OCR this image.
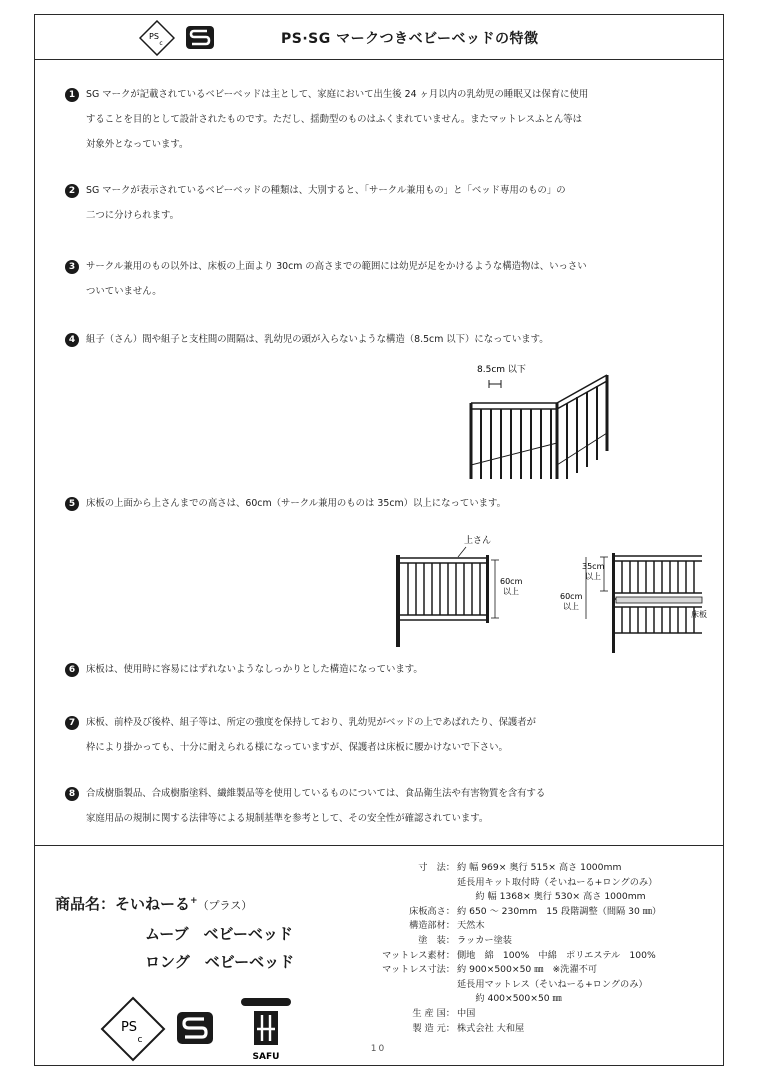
PS
c	PS·SG マークつきベビーベッドの特徴
1	SG マークが記載されているベビーベッドは主として、家庭において出生後 24 ヶ月以内の乳幼児の睡眠又は保育に使用
することを目的として設計されたものです。ただし、揺動型のものはふくまれていません。またマットレスふとん等は
対象外となっています。
2	SG マークが表示されているベビーベッドの種類は、大別すると、「サークル兼用もの」と「ベッド専用のもの」の
二つに分けられます。
3	サークル兼用のもの以外は、床板の上面より 30cm の高さまでの範囲には幼児が足をかけるような構造物は、いっさい
ついていません。
4	組子（さん）間や組子と支柱間の間隔は、乳幼児の頭が入らないような構造（8.5cm 以下）になっています。
8.5cm 以下
5	床板の上面から上さんまでの高さは、60cm（サークル兼用のものは 35cm）以上になっています。
上さん
60cm
以上
35cm
以上
60cm
以上
床板
6	床板は、使用時に容易にはずれないようなしっかりとした構造になっています。
7	床板、前枠及び後枠、組子等は、所定の強度を保持しており、乳幼児がベッドの上であばれたり、保護者が
枠により掛かっても、十分に耐えられる様になっていますが、保護者は床板に腰かけないで下さい。
8	合成樹脂製品、合成樹脂塗料、繊維製品等を使用しているものについては、食品衛生法や有害物質を含有する
家庭用品の規制に関する法律等による規制基準を参考として、その安全性が確認されています。
商品名：そいねーる+（プラス）
ムーブ　ベビーベッド
ロング　ベビーベッド
寸　法： 約 幅 969× 奥行 515× 高さ 1000mm
延長用キット取付時（そいねーる+ロングのみ）
　　約 幅 1368× 奥行 530× 高さ 1000mm
床板高さ： 約 650 ～ 230mm　15 段階調整（間隔 30 ㎜）
構造部材： 天然木
塗　装： ラッカー塗装
マットレス素材： 側地　綿　100%　中綿　ポリエステル　100%
マットレス寸法： 約 900×500×50 ㎜　※洗濯不可
延長用マットレス（そいねーる+ロングのみ）
　　約 400×500×50 ㎜
生 産 国： 中国
製 造 元： 株式会社 大和屋
PS
c
SAFU
10
